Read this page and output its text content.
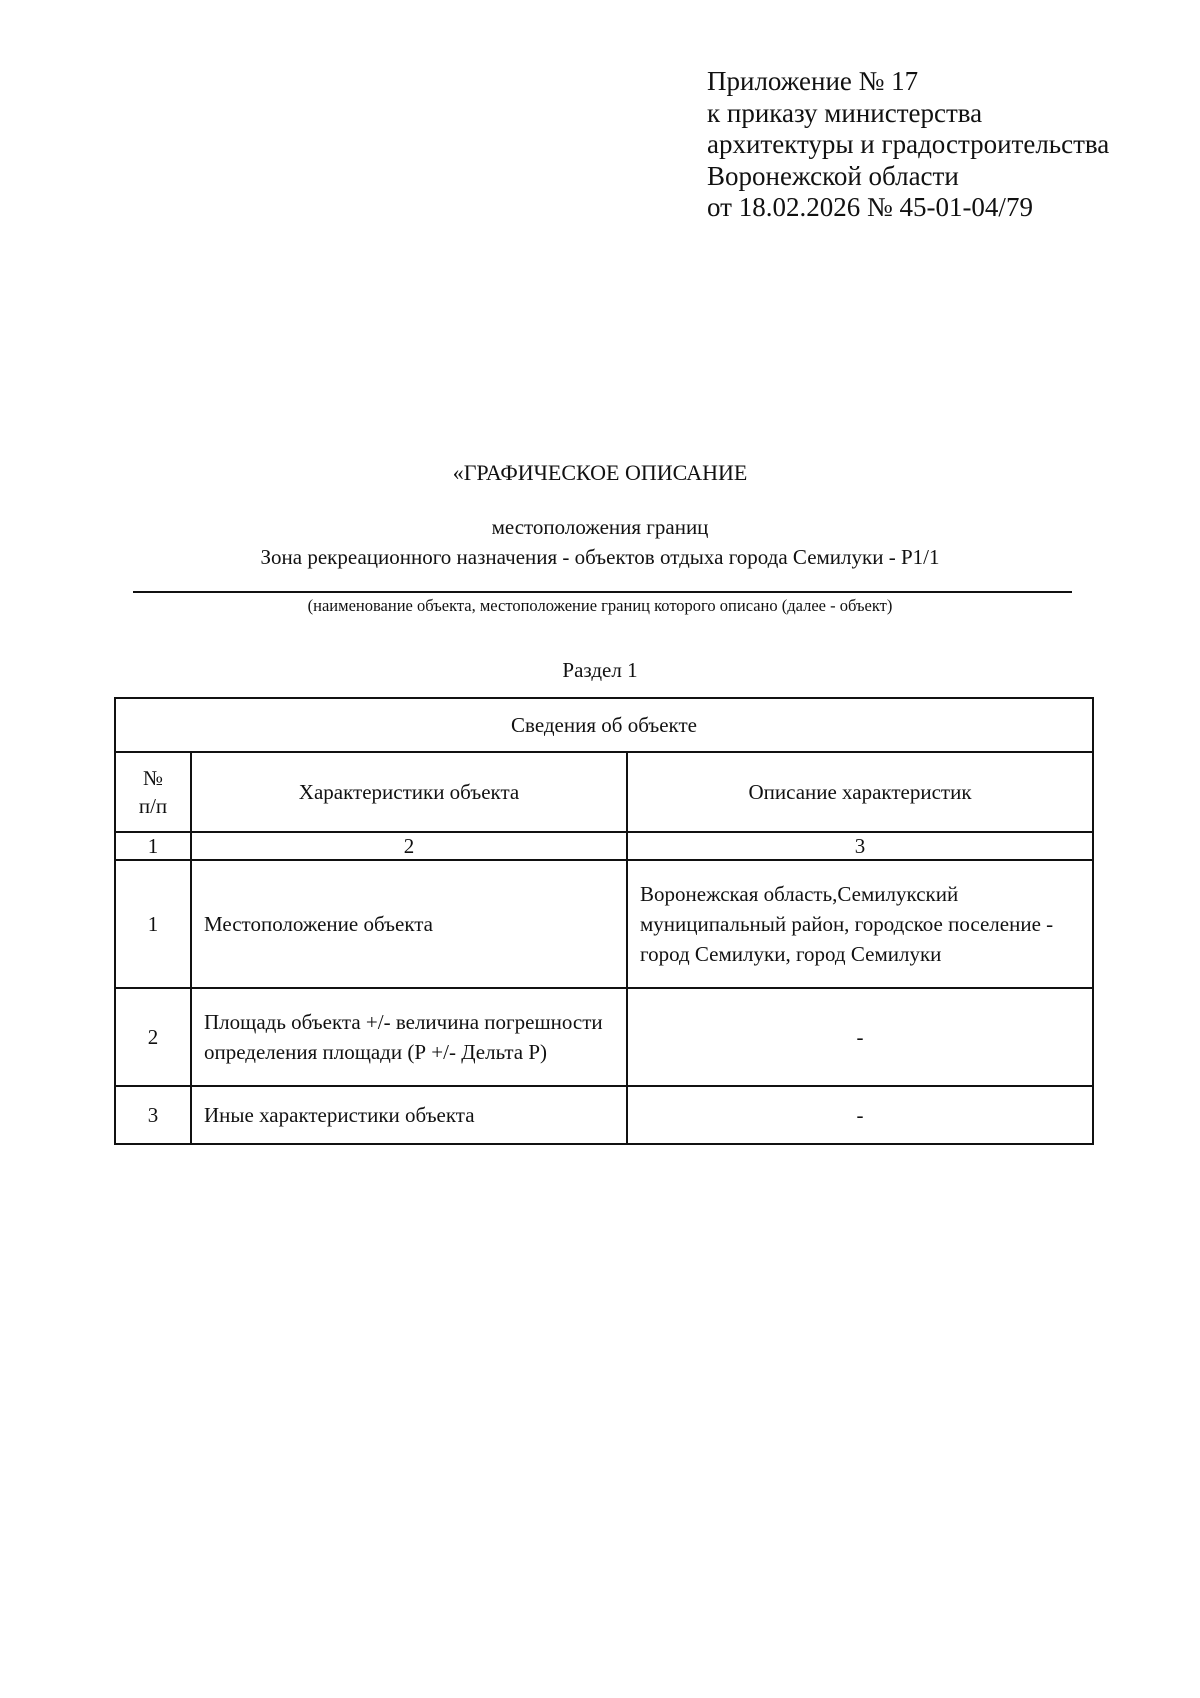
Приложение № 17
к приказу министерства
архитектуры и градостроительства
Воронежской области
от 18.02.2026 № 45-01-04/79
«ГРАФИЧЕСКОЕ ОПИСАНИЕ
местоположения границ
Зона рекреационного назначения - объектов отдыха города Семилуки - Р1/1
(наименование объекта, местоположение границ которого описано (далее - объект)
Раздел 1
Сведения об объекте		

№
п/п	Характеристики объекта	Описание характеристик
1	2	3
1	Местоположение объекта	Воронежская область,Семилукский муниципальный район, городское поселение - город Семилуки, город Семилуки
2	Площадь объекта +/- величина погрешности определения площади (Р +/- Дельта Р)	-
3	Иные характеристики объекта	-
